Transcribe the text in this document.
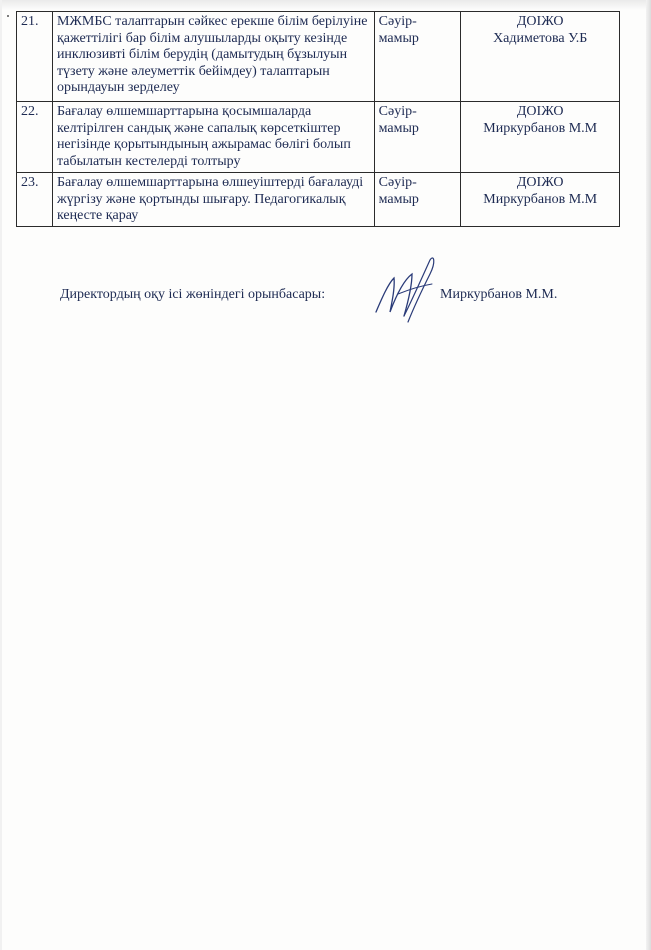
21.	МЖМБС талаптарын сәйкес ерекше білім берілуіне қажеттілігі бар білім алушыларды оқыту кезінде инклюзивті білім берудің (дамытудың бұзылуын түзету және әлеуметтік бейімдеу) талаптарын орындауын зерделеу	Сәуір-мамыр	ДОІЖО
Хадиметова У.Б

22.	Бағалау өлшемшарттарына қосымшаларда келтірілген сандық және сапалық көрсеткіштер негізінде қорытындының ажырамас бөлігі болып табылатын кестелерді толтыру	Сәуір-мамыр	ДОІЖО
Миркурбанов М.М

23.	Бағалау өлшемшарттарына өлшеуіштерді бағалауді жүргізу және қортынды шығару. Педагогикалық кеңесте қарау	Сәуір-мамыр	ДОІЖО
Миркурбанов М.М
Директордың оқу ісі жөніндегі орынбасары:	Миркурбанов М.М.
